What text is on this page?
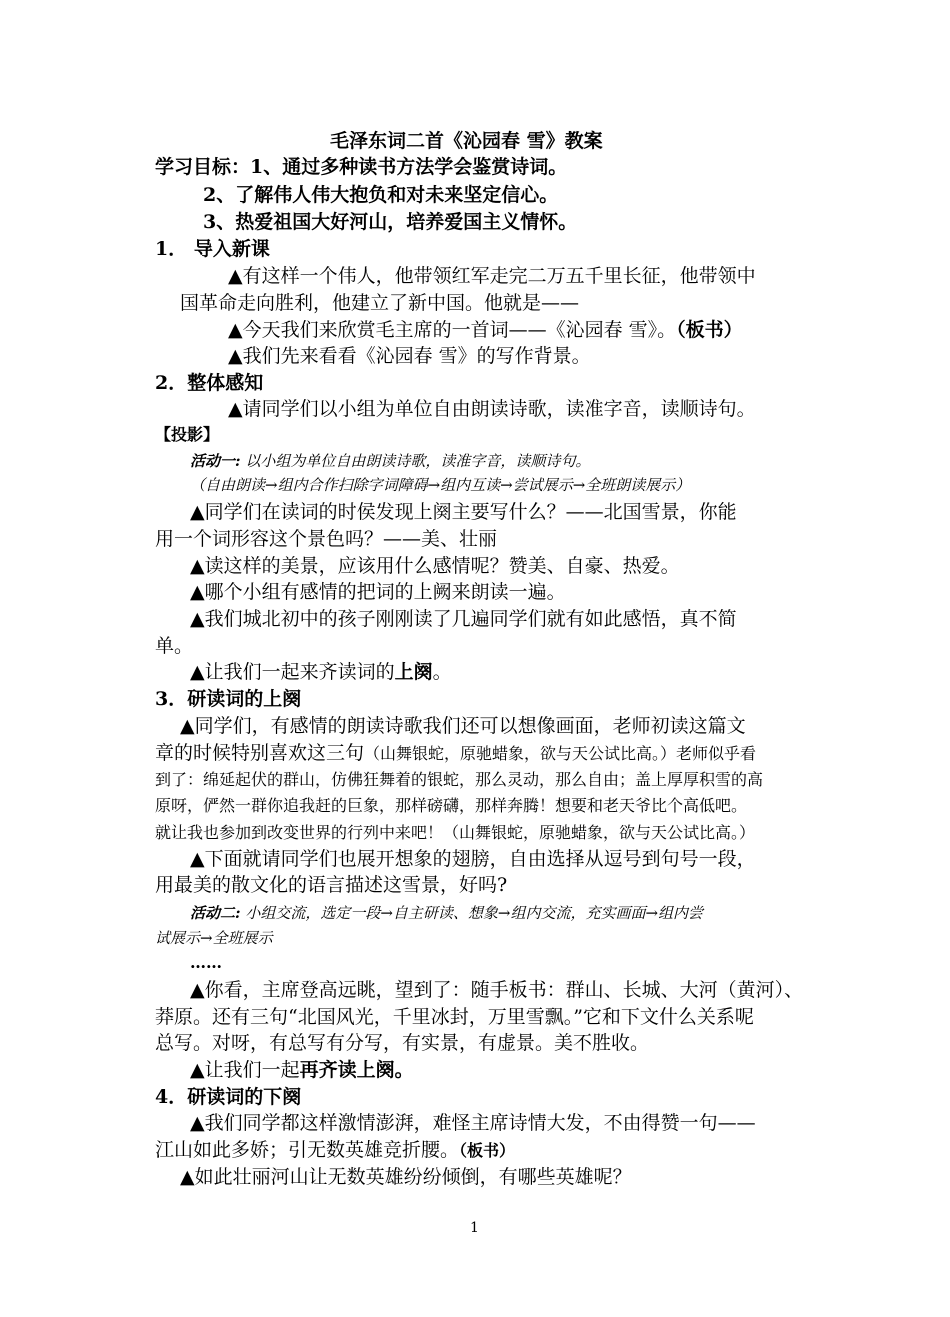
毛泽东词二首《沁园春 雪》教案
学习目标：1、通过多种读书方法学会鉴赏诗词。
2、了解伟人伟大抱负和对未来坚定信心。
3、热爱祖国大好河山，培养爱国主义情怀。
1． 导入新课
▲有这样一个伟人，他带领红军走完二万五千里长征，他带领中
国革命走向胜利，他建立了新中国。他就是——
▲今天我们来欣赏毛主席的一首词——《沁园春 雪》。（板书）
▲我们先来看看《沁园春 雪》的写作背景。
2．整体感知
▲请同学们以小组为单位自由朗读诗歌，读准字音，读顺诗句。
【投影】
活动一: 以小组为单位自由朗读诗歌，读准字音，读顺诗句。
（自由朗读→组内合作扫除字词障碍→组内互读→尝试展示→全班朗读展示）
▲同学们在读词的时侯发现上阕主要写什么？——北国雪景，你能
用一个词形容这个景色吗？——美、壮丽
▲读这样的美景，应该用什么感情呢？赞美、自豪、热爱。
▲哪个小组有感情的把词的上阙来朗读一遍。
▲我们城北初中的孩子刚刚读了几遍同学们就有如此感悟，真不简
单。
▲让我们一起来齐读词的上阕。
3．研读词的上阕
▲同学们，有感情的朗读诗歌我们还可以想像画面，老师初读这篇文
章的时候特别喜欢这三句（山舞银蛇，原驰蜡象，欲与天公试比高。）老师似乎看
到了：绵延起伏的群山，仿佛狂舞着的银蛇，那么灵动，那么自由；盖上厚厚积雪的高
原呀，俨然一群你追我赶的巨象，那样磅礴，那样奔腾！想要和老天爷比个高低吧。
就让我也参加到改变世界的行列中来吧！（山舞银蛇，原驰蜡象，欲与天公试比高。）
▲下面就请同学们也展开想象的翅膀，自由选择从逗号到句号一段，
用最美的散文化的语言描述这雪景，好吗?
活动二: 小组交流，选定一段→自主研读、想象→组内交流，充实画面→组内尝
试展示→全班展示
……
▲你看，主席登高远眺，望到了：随手板书：群山、长城、大河（黄河）、
莽原。还有三句“北国风光，千里冰封，万里雪飘。”它和下文什么关系呢
总写。对呀，有总写有分写，有实景，有虚景。美不胜收。
▲让我们一起再齐读上阕。
4．研读词的下阕
▲我们同学都这样激情澎湃，难怪主席诗情大发，不由得赞一句——
江山如此多娇；引无数英雄竞折腰。（板书）
▲如此壮丽河山让无数英雄纷纷倾倒，有哪些英雄呢？
1
